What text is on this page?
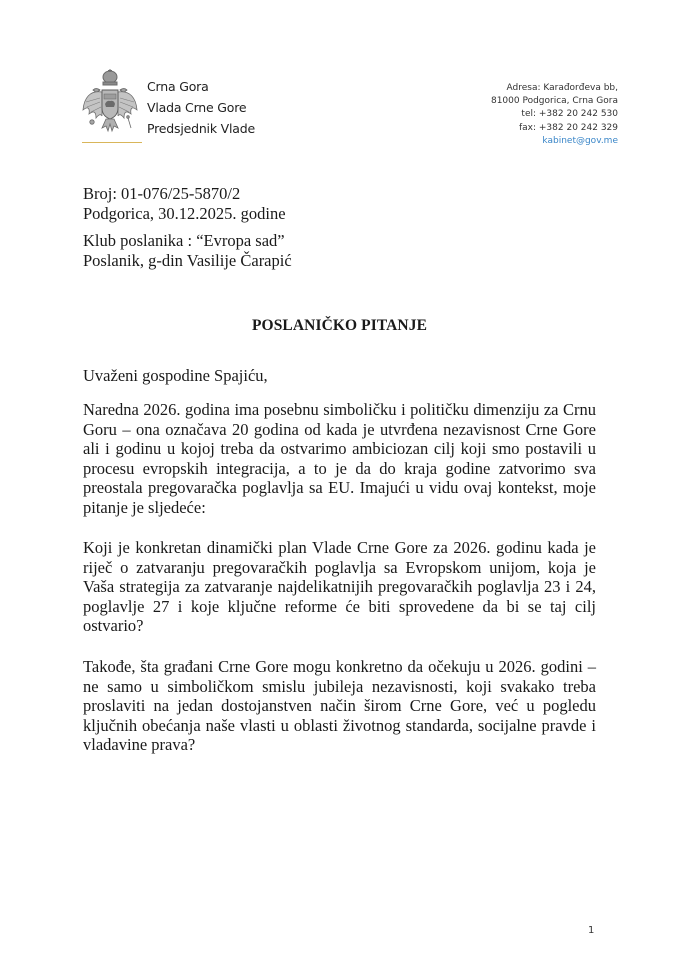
Crna Gora
Vlada Crne Gore
Predsjednik Vlade
Adresa: Karađorđeva bb,
81000 Podgorica, Crna Gora
tel: +382 20 242 530
fax: +382 20 242 329
kabinet@gov.me
Broj: 01-076/25-5870/2
Podgorica, 30.12.2025. godine
Klub poslanika : “Evropa sad”
Poslanik, g-din Vasilije Čarapić
POSLANIČKO PITANJE
Uvaženi gospodine Spajiću,
Naredna 2026. godina ima posebnu simboličku i političku dimenziju za Crnu Goru – ona označava 20 godina od kada je utvrđena nezavisnost Crne Gore ali i godinu u kojoj treba da ostvarimo ambiciozan cilj koji smo postavili u procesu evropskih integracija, a to je da do kraja godine zatvorimo sva preostala pregovaračka poglavlja sa EU. Imajući u vidu ovaj kontekst, moje pitanje je sljedeće:
Koji je konkretan dinamički plan Vlade Crne Gore za 2026. godinu kada je riječ o zatvaranju pregovaračkih poglavlja sa Evropskom unijom, koja je Vaša strategija za zatvaranje najdelikatnijih pregovaračkih poglavlja 23 i 24, poglavlje 27 i koje ključne reforme će biti sprovedene da bi se taj cilj ostvario?
Takođe, šta građani Crne Gore mogu konkretno da očekuju u 2026. godini – ne samo u simboličkom smislu jubileja nezavisnosti, koji svakako treba proslaviti na jedan dostojanstven način širom Crne Gore, već u pogledu ključnih obećanja naše vlasti u oblasti životnog standarda, socijalne pravde i vladavine prava?
1
